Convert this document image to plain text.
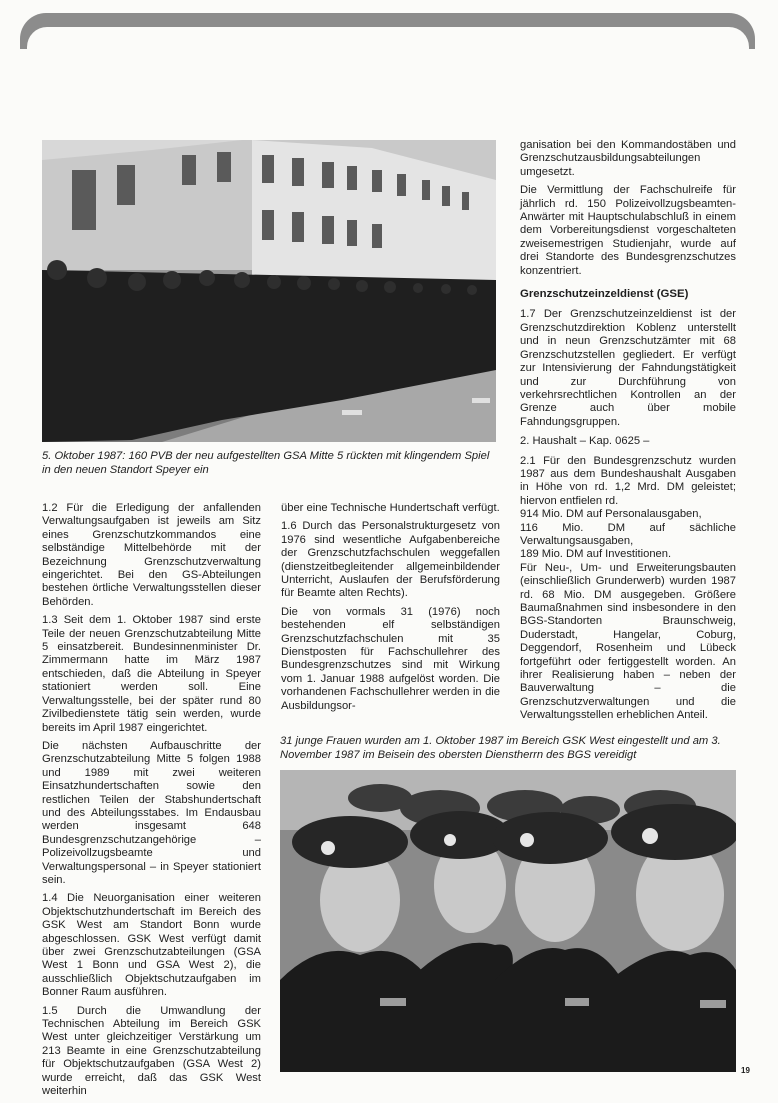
5. Oktober 1987: 160 PVB der neu aufgestellten GSA Mitte 5 rückten mit klingendem Spiel in den neuen Standort Speyer ein

1.2 Für die Erledigung der anfallenden Verwaltungsaufgaben ist jeweils am Sitz eines Grenzschutzkommandos eine selbständige Mittelbehörde mit der Bezeichnung Grenzschutzverwaltung eingerichtet. Bei den GS-Abteilungen bestehen örtliche Verwaltungsstellen dieser Behörden.

1.3 Seit dem 1. Oktober 1987 sind erste Teile der neuen Grenzschutzabteilung Mitte 5 einsatzbereit. Bundesinnenminister Dr. Zimmermann hatte im März 1987 entschieden, daß die Abteilung in Speyer stationiert werden soll. Eine Verwaltungsstelle, bei der später rund 80 Zivilbedienstete tätig sein werden, wurde bereits im April 1987 eingerichtet.

Die nächsten Aufbauschritte der Grenzschutzabteilung Mitte 5 folgen 1988 und 1989 mit zwei weiteren Einsatzhundertschaften sowie den restlichen Teilen der Stabshundertschaft und des Abteilungsstabes. Im Endausbau werden insgesamt 648 Bundesgrenzschutzangehörige – Polizeivollzugsbeamte und Verwaltungspersonal – in Speyer stationiert sein.

1.4 Die Neuorganisation einer weiteren Objektschutzhundertschaft im Bereich des GSK West am Standort Bonn wurde abgeschlossen. GSK West verfügt damit über zwei Grenzschutzabteilungen (GSA West 1 Bonn und GSA West 2), die ausschließlich Objektschutzaufgaben im Bonner Raum ausführen.

1.5 Durch die Umwandlung der Technischen Abteilung im Bereich GSK West unter gleichzeitiger Verstärkung um 213 Beamte in eine Grenzschutzabteilung für Objektschutzaufgaben (GSA West 2) wurde erreicht, daß das GSK West weiterhin

über eine Technische Hundertschaft verfügt.

1.6 Durch das Personalstrukturgesetz von 1976 sind wesentliche Aufgabenbereiche der Grenzschutzfachschulen weggefallen (dienstzeitbegleitender allgemeinbildender Unterricht, Auslaufen der Berufsförderung für Beamte alten Rechts).

Die von vormals 31 (1976) noch bestehenden elf selbständigen Grenzschutzfachschulen mit 35 Dienstposten für Fachschullehrer des Bundesgrenzschutzes sind mit Wirkung vom 1. Januar 1988 aufgelöst worden. Die vorhandenen Fachschullehrer werden in die Ausbildungsor-

ganisation bei den Kommandostäben und Grenzschutzausbildungsabteilungen umgesetzt.

Die Vermittlung der Fachschulreife für jährlich rd. 150 Polizeivollzugsbeamten-Anwärter mit Hauptschulabschluß in einem dem Vorbereitungsdienst vorgeschalteten zweisemestrigen Studienjahr, wurde auf drei Standorte des Bundesgrenzschutzes konzentriert.

Grenzschutzeinzeldienst (GSE)

1.7 Der Grenzschutzeinzeldienst ist der Grenzschutzdirektion Koblenz unterstellt und in neun Grenzschutzämter mit 68 Grenzschutzstellen gegliedert. Er verfügt zur Intensivierung der Fahndungstätigkeit und zur Durchführung von verkehrsrechtlichen Kontrollen an der Grenze auch über mobile Fahndungsgruppen.

2. Haushalt – Kap. 0625 –

2.1 Für den Bundesgrenzschutz wurden 1987 aus dem Bundeshaushalt Ausgaben in Höhe von rd. 1,2 Mrd. DM geleistet; hiervon entfielen rd.

914 Mio. DM auf Personalausgaben,
116 Mio. DM auf sächliche Verwaltungsausgaben,
189 Mio. DM auf Investitionen.

Für Neu-, Um- und Erweiterungsbauten (einschließlich Grunderwerb) wurden 1987 rd. 68 Mio. DM ausgegeben. Größere Baumaßnahmen sind insbesondere in den BGS-Standorten Braunschweig, Duderstadt, Hangelar, Coburg, Deggendorf, Rosenheim und Lübeck fortgeführt oder fertiggestellt worden. An ihrer Realisierung haben – neben der Bauverwaltung – die Grenzschutzverwaltungen und die Verwaltungsstellen erheblichen Anteil.

31 junge Frauen wurden am 1. Oktober 1987 im Bereich GSK West eingestellt und am 3. November 1987 im Beisein des obersten Dienstherrn des BGS vereidigt
19
